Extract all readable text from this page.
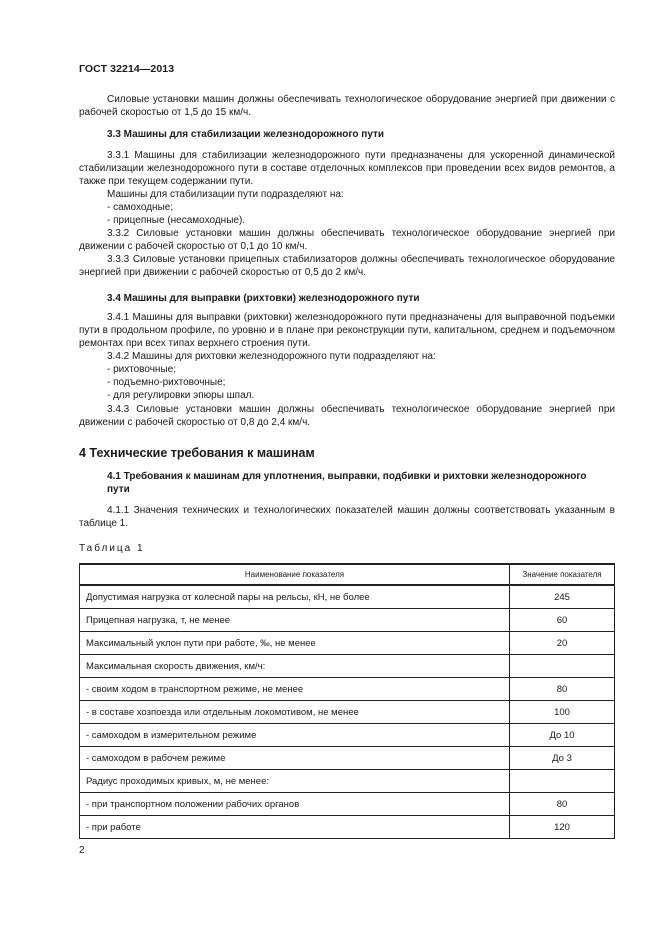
ГОСТ 32214—2013
Силовые установки машин должны обеспечивать технологическое оборудование энергией при движении с рабочей скоростью от 1,5 до 15 км/ч.
3.3 Машины для стабилизации железнодорожного пути
3.3.1 Машины для стабилизации железнодорожного пути предназначены для ускоренной динамической стабилизации железнодорожного пути в составе отделочных комплексов при проведении всех видов ремонтов, а также при текущем содержании пути.
Машины для стабилизации пути подразделяют на:
- самоходные;
- прицепные (несамоходные).
3.3.2 Силовые установки машин должны обеспечивать технологическое оборудование энергией при движении с рабочей скоростью от 0,1 до 10 км/ч.
3.3.3 Силовые установки прицепных стабилизаторов должны обеспечивать технологическое оборудование энергией при движении с рабочей скоростью от 0,5 до 2 км/ч.
3.4 Машины для выправки (рихтовки) железнодорожного пути
3.4.1 Машины для выправки (рихтовки) железнодорожного пути предназначены для выправочной подъемки пути в продольном профиле, по уровню и в плане при реконструкции пути, капитальном, среднем и подъемочном ремонтах при всех типах верхнего строения пути.
3.4.2 Машины для рихтовки железнодорожного пути подразделяют на:
- рихтовочные;
- подъемно-рихтовочные;
- для регулировки эпюры шпал.
3.4.3 Силовые установки машин должны обеспечивать технологическое оборудование энергией при движении с рабочей скоростью от 0,8 до 2,4 км/ч.
4 Технические требования к машинам
4.1 Требования к машинам для уплотнения, выправки, подбивки и рихтовки железнодорожного пути
4.1.1 Значения технических и технологических показателей машин должны соответствовать указанным в таблице 1.
Таблица 1
Наименование показателя	Значение показателя
Допустимая нагрузка от колесной пары на рельсы, кН, не более	245
Прицепная нагрузка, т, не менее	60
Максимальный уклон пути при работе, ‰, не менее	20
Максимальная скорость движения, км/ч:	
- своим ходом в транспортном режиме, не менее	80
- в составе хозпоезда или отдельным локомотивом, не менее	100
- самоходом в измерительном режиме	До 10
- самоходом в рабочем режиме	До 3
Радиус проходимых кривых, м, не менее:	
- при транспортном положении рабочих органов	80
- при работе	120
2
